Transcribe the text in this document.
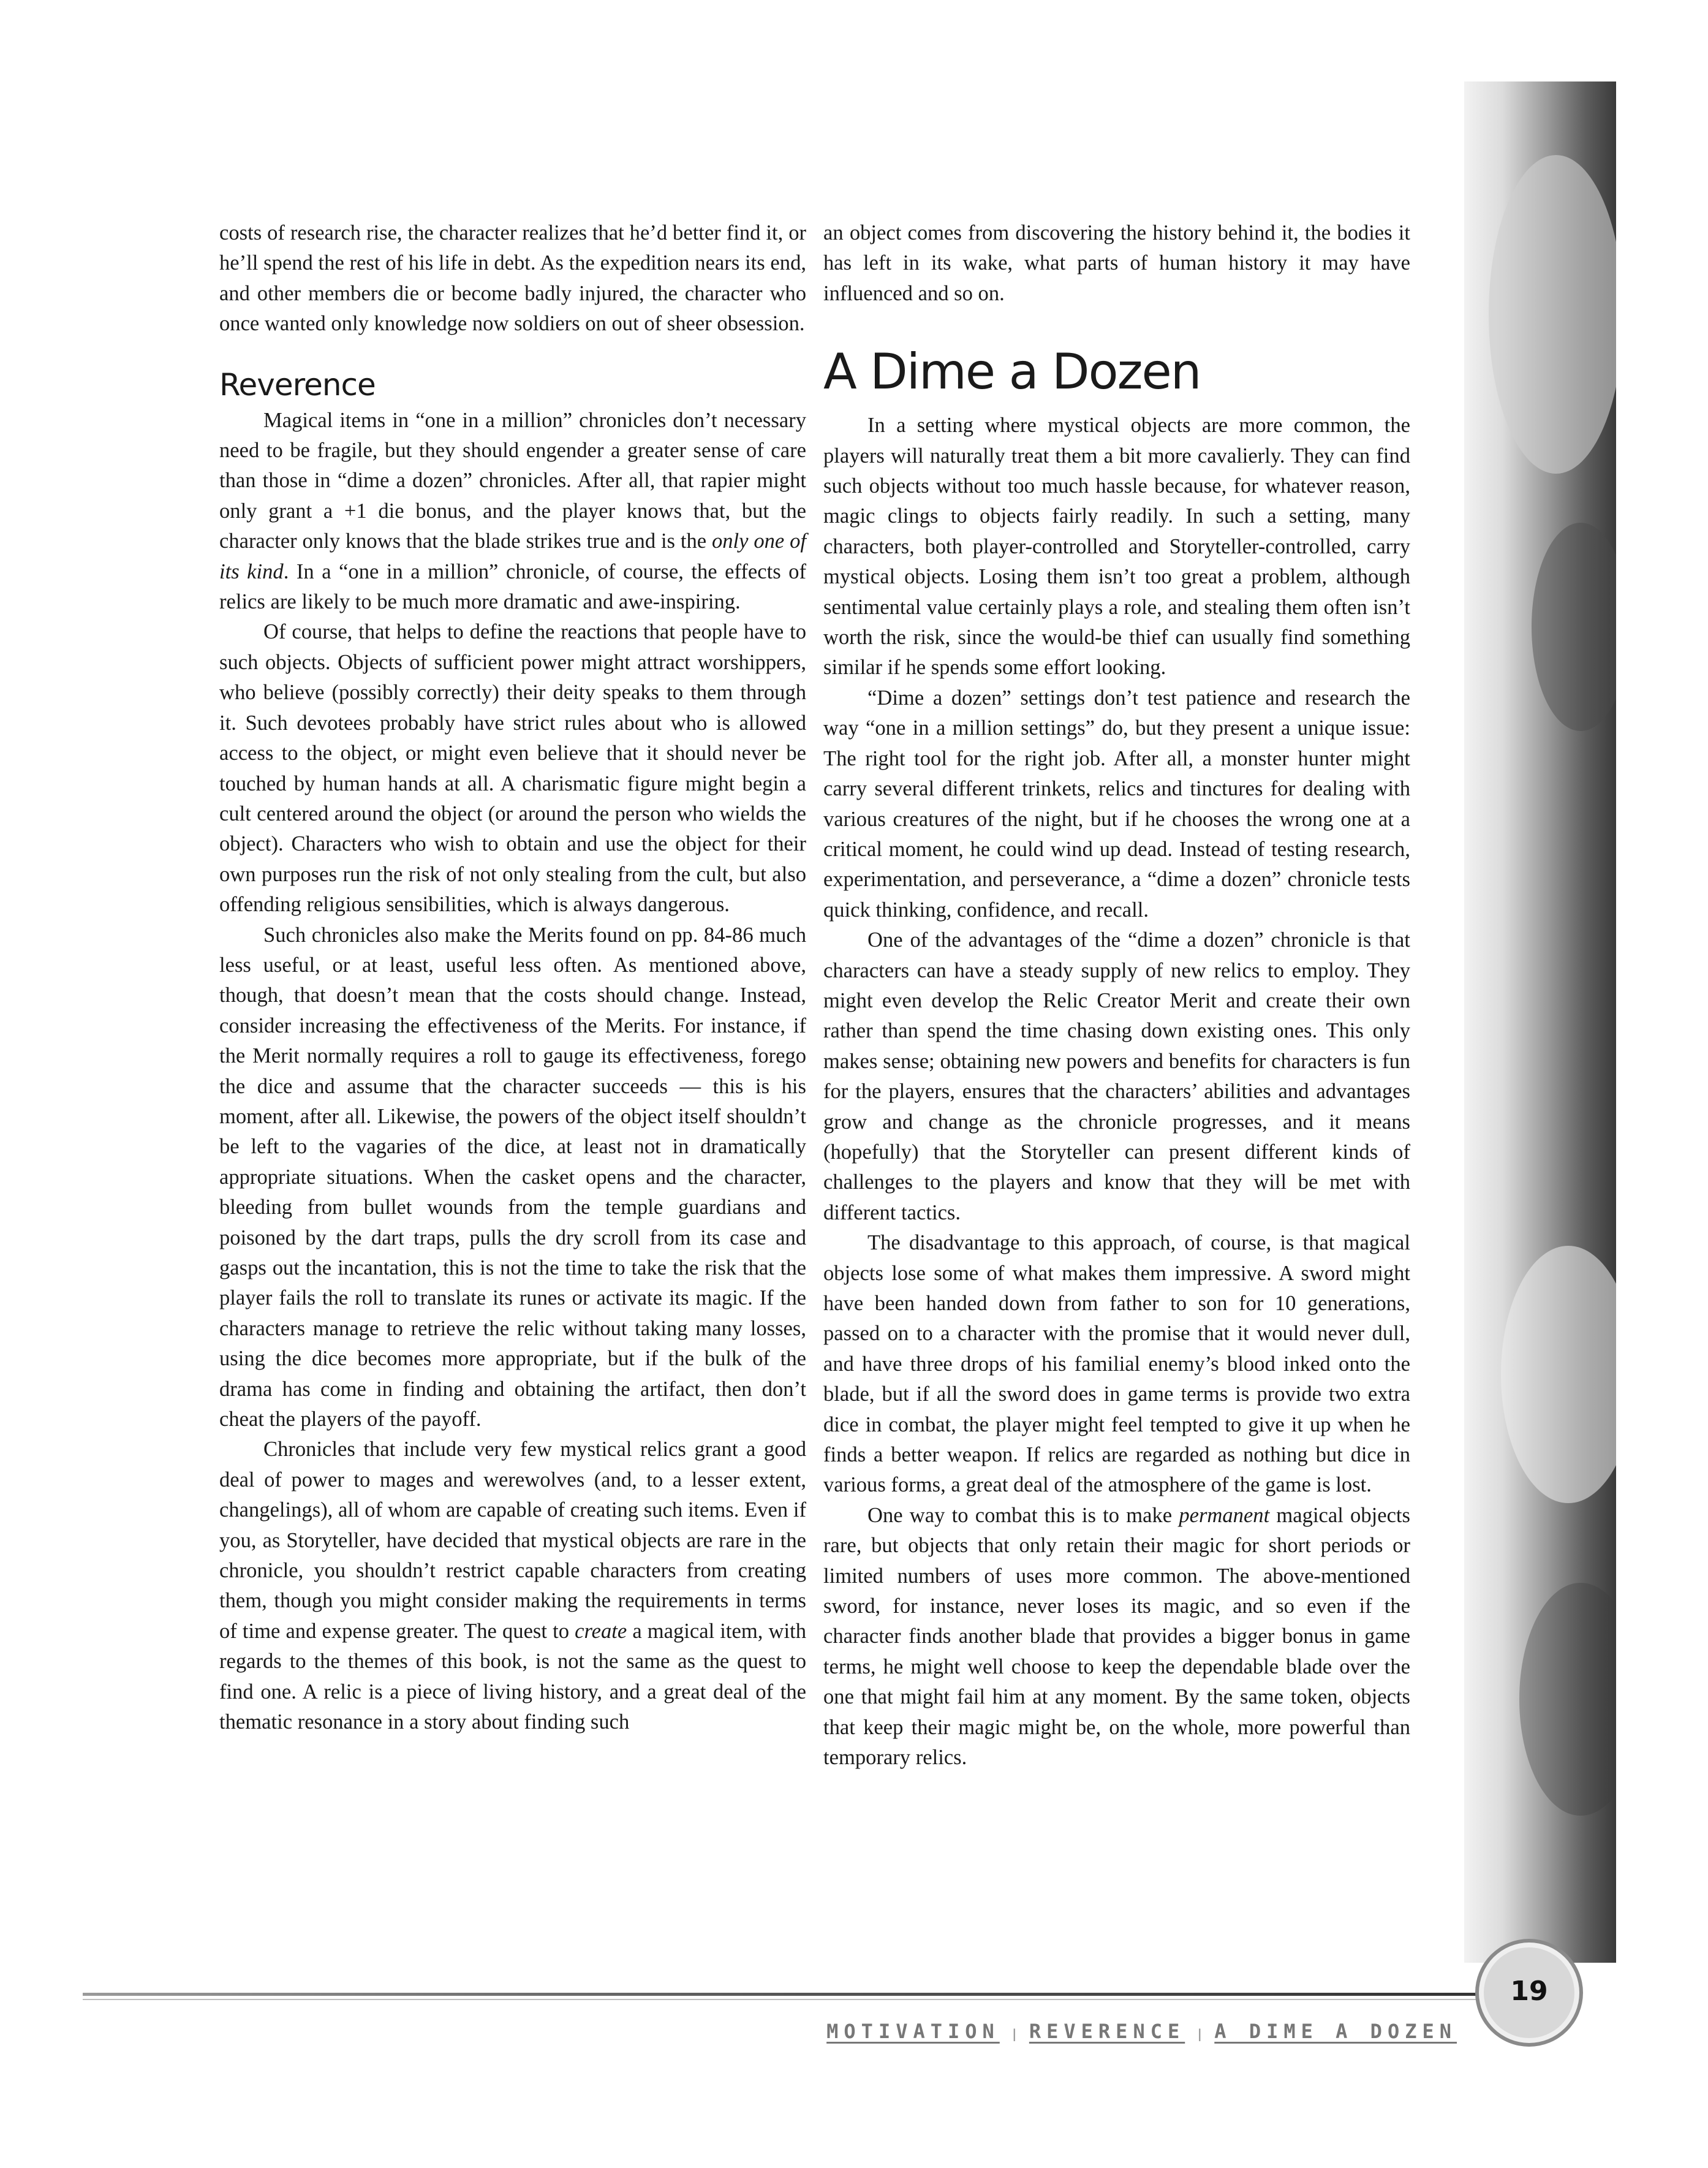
costs of research rise, the character realizes that he’d better find it, or he’ll spend the rest of his life in debt. As the expedition nears its end, and other members die or become badly injured, the character who once wanted only knowledge now soldiers on out of sheer obsession.

Reverence

Magical items in “one in a million” chronicles don’t necessary need to be fragile, but they should engender a greater sense of care than those in “dime a dozen” chronicles. After all, that rapier might only grant a +1 die bonus, and the player knows that, but the character only knows that the blade strikes true and is the only one of its kind. In a “one in a million” chronicle, of course, the effects of relics are likely to be much more dramatic and awe-inspiring.

Of course, that helps to define the reactions that people have to such objects. Objects of sufficient power might attract worshippers, who believe (possibly correctly) their deity speaks to them through it. Such devotees probably have strict rules about who is allowed access to the object, or might even believe that it should never be touched by human hands at all. A charismatic figure might begin a cult centered around the object (or around the person who wields the object). Characters who wish to obtain and use the object for their own purposes run the risk of not only stealing from the cult, but also offending religious sensibilities, which is always dangerous.

Such chronicles also make the Merits found on pp. 84-86 much less useful, or at least, useful less often. As mentioned above, though, that doesn’t mean that the costs should change. Instead, consider increasing the effectiveness of the Merits. For instance, if the Merit normally requires a roll to gauge its effectiveness, forego the dice and assume that the character succeeds — this is his moment, after all. Likewise, the powers of the object itself shouldn’t be left to the vagaries of the dice, at least not in dramatically appropriate situations. When the casket opens and the character, bleeding from bullet wounds from the temple guardians and poisoned by the dart traps, pulls the dry scroll from its case and gasps out the incantation, this is not the time to take the risk that the player fails the roll to translate its runes or activate its magic. If the characters manage to retrieve the relic without taking many losses, using the dice becomes more appropriate, but if the bulk of the drama has come in finding and obtaining the artifact, then don’t cheat the players of the payoff.

Chronicles that include very few mystical relics grant a good deal of power to mages and werewolves (and, to a lesser extent, changelings), all of whom are capable of creating such items. Even if you, as Storyteller, have decided that mystical objects are rare in the chronicle, you shouldn’t restrict capable characters from creating them, though you might consider making the requirements in terms of time and expense greater. The quest to create a magical item, with regards to the themes of this book, is not the same as the quest to find one. A relic is a piece of living history, and a great deal of the thematic resonance in a story about finding such

an object comes from discovering the history behind it, the bodies it has left in its wake, what parts of human history it may have influenced and so on.

A Dime a Dozen

In a setting where mystical objects are more common, the players will naturally treat them a bit more cavalierly. They can find such objects without too much hassle because, for whatever reason, magic clings to objects fairly readily. In such a setting, many characters, both player-controlled and Storyteller-controlled, carry mystical objects. Losing them isn’t too great a problem, although sentimental value certainly plays a role, and stealing them often isn’t worth the risk, since the would-be thief can usually find something similar if he spends some effort looking.

“Dime a dozen” settings don’t test patience and research the way “one in a million settings” do, but they present a unique issue: The right tool for the right job. After all, a monster hunter might carry several different trinkets, relics and tinctures for dealing with various creatures of the night, but if he chooses the wrong one at a critical moment, he could wind up dead. Instead of testing research, experimentation, and perseverance, a “dime a dozen” chronicle tests quick thinking, confidence, and recall.

One of the advantages of the “dime a dozen” chronicle is that characters can have a steady supply of new relics to employ. They might even develop the Relic Creator Merit and create their own rather than spend the time chasing down existing ones. This only makes sense; obtaining new powers and benefits for characters is fun for the players, ensures that the characters’ abilities and advantages grow and change as the chronicle progresses, and it means (hopefully) that the Storyteller can present different kinds of challenges to the players and know that they will be met with different tactics.

The disadvantage to this approach, of course, is that magical objects lose some of what makes them impressive. A sword might have been handed down from father to son for 10 generations, passed on to a character with the promise that it would never dull, and have three drops of his familial enemy’s blood inked onto the blade, but if all the sword does in game terms is provide two extra dice in combat, the player might feel tempted to give it up when he finds a better weapon. If relics are regarded as nothing but dice in various forms, a great deal of the atmosphere of the game is lost.

One way to combat this is to make permanent magical objects rare, but objects that only retain their magic for short periods or limited numbers of uses more common. The above-mentioned sword, for instance, never loses its magic, and so even if the character finds another blade that provides a bigger bonus in game terms, he might well choose to keep the dependable blade over the one that might fail him at any moment. By the same token, objects that keep their magic might be, on the whole, more powerful than temporary relics.

MOTIVATION | REVERENCE | A DIME A DOZEN
19
